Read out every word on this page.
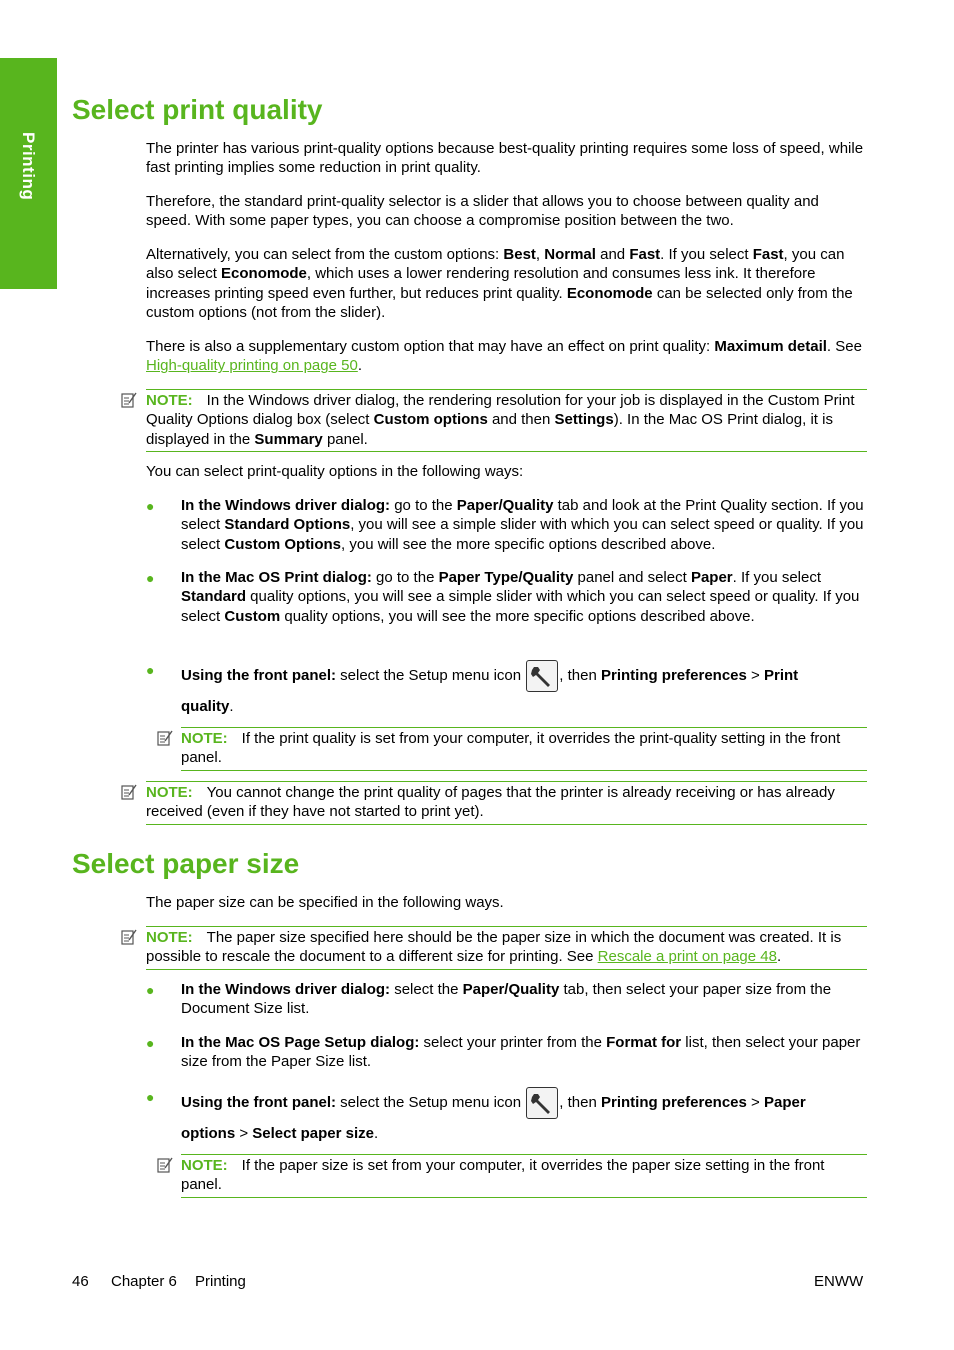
Printing
Select print quality

The printer has various print-quality options because best-quality printing requires some loss of speed, while fast printing implies some reduction in print quality.

Therefore, the standard print-quality selector is a slider that allows you to choose between quality and speed. With some paper types, you can choose a compromise position between the two.

Alternatively, you can select from the custom options: Best, Normal and Fast. If you select Fast, you can also select Economode, which uses a lower rendering resolution and consumes less ink. It therefore increases printing speed even further, but reduces print quality. Economode can be selected only from the custom options (not from the slider).

There is also a supplementary custom option that may have an effect on print quality: Maximum detail. See High-quality printing on page 50.

NOTE: In the Windows driver dialog, the rendering resolution for your job is displayed in the Custom Print Quality Options dialog box (select Custom options and then Settings). In the Mac OS Print dialog, it is displayed in the Summary panel.

You can select print-quality options in the following ways:

● In the Windows driver dialog: go to the Paper/Quality tab and look at the Print Quality section. If you select Standard Options, you will see a simple slider with which you can select speed or quality. If you select Custom Options, you will see the more specific options described above.

● In the Mac OS Print dialog: go to the Paper Type/Quality panel and select Paper. If you select Standard quality options, you will see a simple slider with which you can select speed or quality. If you select Custom quality options, you will see the more specific options described above.

● Using the front panel: select the Setup menu icon
, then Printing preferences > Print
quality.

NOTE: If the print quality is set from your computer, it overrides the print-quality setting in the front panel.
NOTE: You cannot change the print quality of pages that the printer is already receiving or has already received (even if they have not started to print yet).
Select paper size

The paper size can be specified in the following ways.

NOTE: The paper size specified here should be the paper size in which the document was created. It is possible to rescale the document to a different size for printing. See Rescale a print on page 48.
● In the Windows driver dialog: select the Paper/Quality tab, then select your paper size from the Document Size list.

● In the Mac OS Page Setup dialog: select your printer from the Format for list, then select your paper size from the Paper Size list.

● Using the front panel: select the Setup menu icon
, then Printing preferences > Paper
options > Select paper size.

NOTE: If the paper size is set from your computer, it overrides the paper size setting in the front panel.
46 Chapter 6 Printing	ENWW
